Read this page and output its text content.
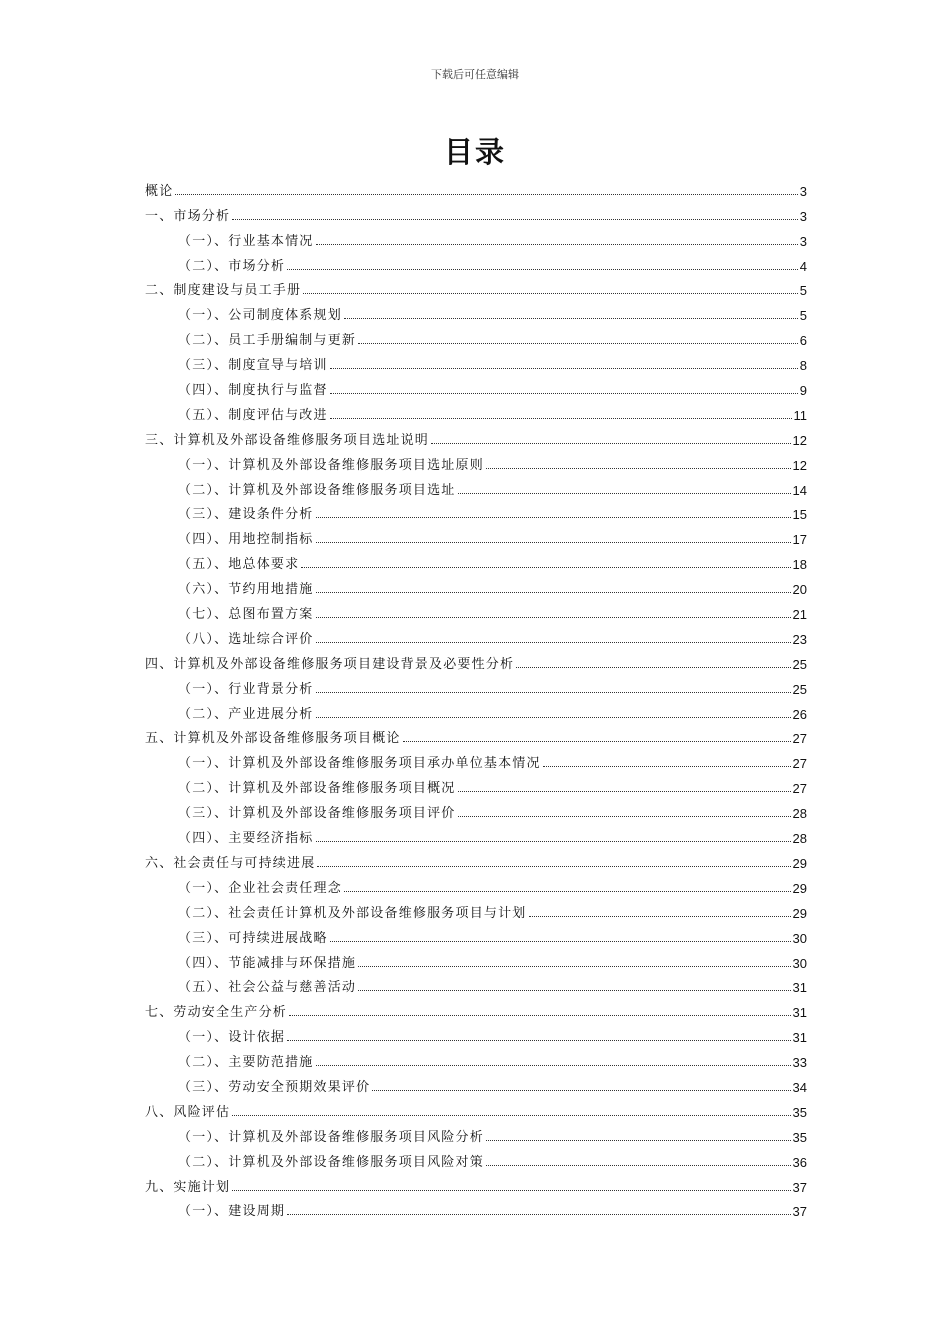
下载后可任意编辑
目录
概论	3
一、市场分析	3
（一）、行业基本情况	3
（二）、市场分析	4
二、制度建设与员工手册	5
（一）、公司制度体系规划	5
（二）、员工手册编制与更新	6
（三）、制度宣导与培训	8
（四）、制度执行与监督	9
（五）、制度评估与改进	11
三、计算机及外部设备维修服务项目选址说明	12
（一）、计算机及外部设备维修服务项目选址原则	12
（二）、计算机及外部设备维修服务项目选址	14
（三）、建设条件分析	15
（四）、用地控制指标	17
（五）、地总体要求	18
（六）、节约用地措施	20
（七）、总图布置方案	21
（八）、选址综合评价	23
四、计算机及外部设备维修服务项目建设背景及必要性分析	25
（一）、行业背景分析	25
（二）、产业进展分析	26
五、计算机及外部设备维修服务项目概论	27
（一）、计算机及外部设备维修服务项目承办单位基本情况	27
（二）、计算机及外部设备维修服务项目概况	27
（三）、计算机及外部设备维修服务项目评价	28
（四）、主要经济指标	28
六、社会责任与可持续进展	29
（一）、企业社会责任理念	29
（二）、社会责任计算机及外部设备维修服务项目与计划	29
（三）、可持续进展战略	30
（四）、节能减排与环保措施	30
（五）、社会公益与慈善活动	31
七、劳动安全生产分析	31
（一）、设计依据	31
（二）、主要防范措施	33
（三）、劳动安全预期效果评价	34
八、风险评估	35
（一）、计算机及外部设备维修服务项目风险分析	35
（二）、计算机及外部设备维修服务项目风险对策	36
九、实施计划	37
（一）、建设周期	37
